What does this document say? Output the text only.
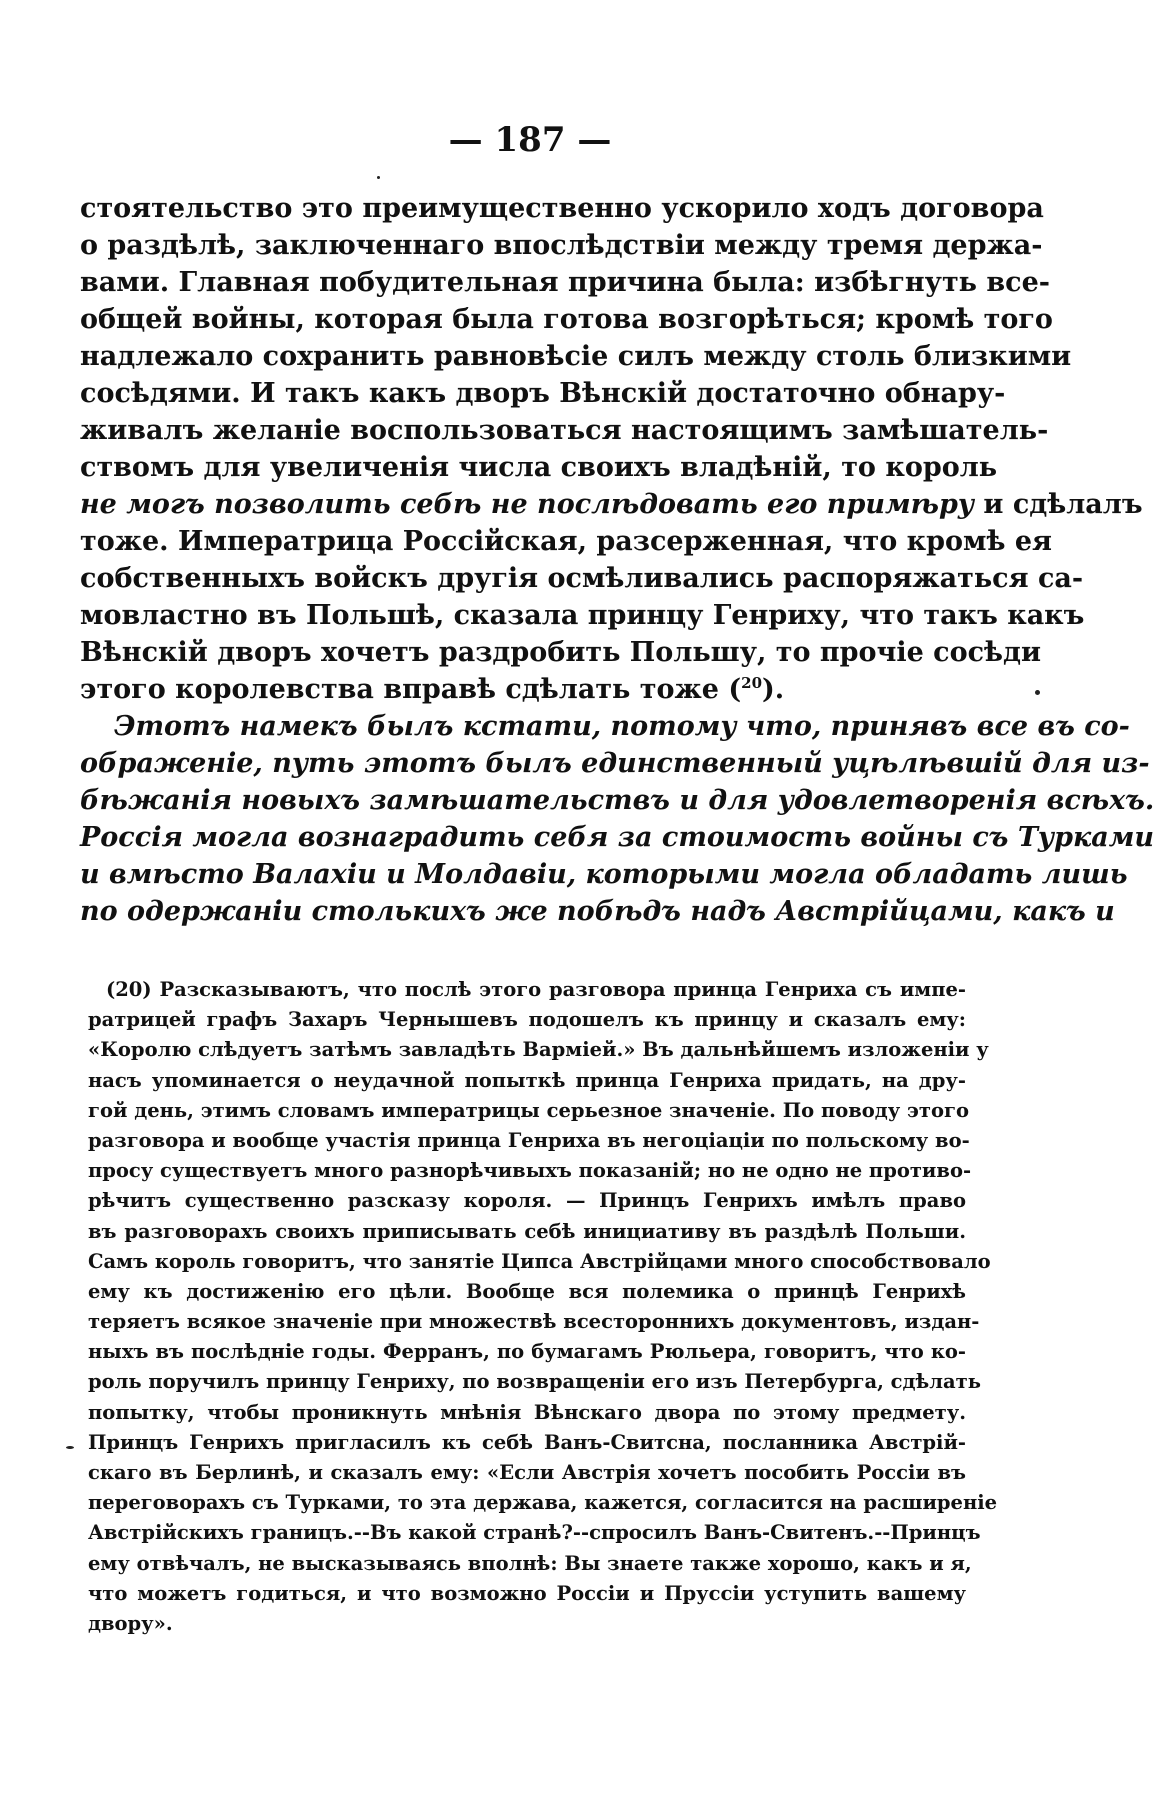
— 187 —
стоятельство это преимущественно ускорило ходъ договора
о раздѣлѣ, заключеннаго впослѣдствіи между тремя держа-
вами. Главная побудительная причина была: избѣгнуть все-
общей войны, которая была готова возгорѣться; кромѣ того
надлежало сохранить равновѣсіе силъ между столь близкими
сосѣдями. И такъ какъ дворъ Вѣнскій достаточно обнару-
живалъ желаніе воспользоваться настоящимъ замѣшатель-
ствомъ для увеличенія числа своихъ владѣній, то король
не могъ позволить себѣ не послѣдовать его примѣру и сдѣлалъ
тоже. Императрица Россійская, разсерженная, что кромѣ ея
собственныхъ войскъ другія осмѣливались распоряжаться са-
мовластно въ Польшѣ, сказала принцу Генриху, что такъ какъ
Вѣнскій дворъ хочетъ раздробить Польшу, то прочіе сосѣди
этого королевства вправѣ сдѣлать тоже ($^{20}$).
Этотъ намекъ былъ кстати, потому что, принявъ все въ со-
ображеніе, путь этотъ былъ единственный уцѣлѣвшій для из-
бѣжанія новыхъ замѣшательствъ и для удовлетворенія всѣхъ.
Россія могла вознаградить себя за стоимость войны съ Турками
и вмѣсто Валахіи и Молдавіи, которыми могла обладать лишь
по одержаніи столькихъ же побѣдъ надъ Австрійцами, какъ и
(20) Разсказываютъ, что послѣ этого разговора принца Генриха съ импе-
ратрицей графъ Захаръ Чернышевъ подошелъ къ принцу и сказалъ ему:
«Королю слѣдуетъ затѣмъ завладѣть Варміей.» Въ дальнѣйшемъ изложеніи у
насъ упоминается о неудачной попыткѣ принца Генриха придать, на дру-
гой день, этимъ словамъ императрицы серьезное значеніе. По поводу этого
разговора и вообще участія принца Генриха въ негоціаціи по польскому во-
просу существуетъ много разнорѣчивыхъ показаній; но не одно не противо-
рѣчитъ существенно разсказу короля. — Принцъ Генрихъ имѣлъ право
въ разговорахъ своихъ приписывать себѣ инициативу въ раздѣлѣ Польши.
Самъ король говоритъ, что занятіе Ципса Австрійцами много способствовало
ему къ достиженію его цѣли. Вообще вся полемика о принцѣ Генрихѣ
теряетъ всякое значеніе при множествѣ всестороннихъ документовъ, издан-
ныхъ въ послѣдніе годы. Ферранъ, по бумагамъ Рюльера, говоритъ, что ко-
роль поручилъ принцу Генриху, по возвращеніи его изъ Петербурга, сдѣлать
попытку, чтобы проникнуть мнѣнія Вѣнскаго двора по этому предмету.
Принцъ Генрихъ пригласилъ къ себѣ Ванъ-Свитсна, посланника Австрій-
скаго въ Берлинѣ, и сказалъ ему: «Если Австрія хочетъ пособить Россіи въ
переговорахъ съ Турками, то эта держава, кажется, согласится на расширеніе
Австрійскихъ границъ.--Въ какой странѣ?--спросилъ Ванъ-Свитенъ.--Принцъ
ему отвѣчалъ, не высказываясь вполнѣ: Вы знаете также хорошо, какъ и я,
что можетъ годиться, и что возможно Россіи и Пруссіи уступить вашему
двору».
